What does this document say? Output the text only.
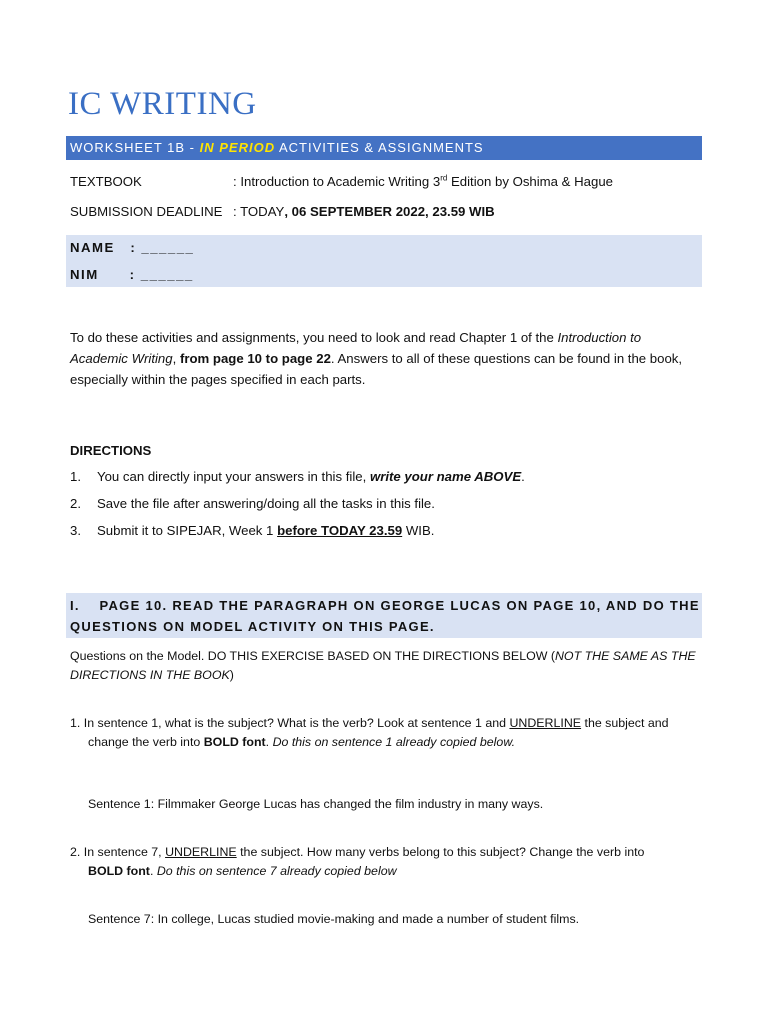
IC WRITING
WORKSHEET 1B - IN PERIOD ACTIVITIES & ASSIGNMENTS
TEXTBOOK	: Introduction to Academic Writing 3rd Edition by Oshima & Hague
SUBMISSION DEADLINE : TODAY, 06 SEPTEMBER 2022, 23.59 WIB
NAME   : ______
NIM      : ______
To do these activities and assignments, you need to look and read Chapter 1 of the Introduction to Academic Writing, from page 10 to page 22. Answers to all of these questions can be found in the book, especially within the pages specified in each parts.
DIRECTIONS
1. You can directly input your answers in this file, write your name ABOVE.
2. Save the file after answering/doing all the tasks in this file.
3. Submit it to SIPEJAR, Week 1 before TODAY 23.59 WIB.
I.    PAGE 10. READ THE PARAGRAPH ON GEORGE LUCAS ON PAGE 10, AND DO THE
QUESTIONS ON MODEL ACTIVITY ON THIS PAGE.
Questions on the Model. DO THIS EXERCISE BASED ON THE DIRECTIONS BELOW (NOT THE SAME AS THE DIRECTIONS IN THE BOOK)
1. In sentence 1, what is the subject? What is the verb? Look at sentence 1 and UNDERLINE the subject and
change the verb into BOLD font. Do this on sentence 1 already copied below.
Sentence 1: Filmmaker George Lucas has changed the film industry in many ways.
2. In sentence 7, UNDERLINE the subject. How many verbs belong to this subject? Change the verb into
BOLD font. Do this on sentence 7 already copied below
Sentence 7: In college, Lucas studied movie-making and made a number of student films.
